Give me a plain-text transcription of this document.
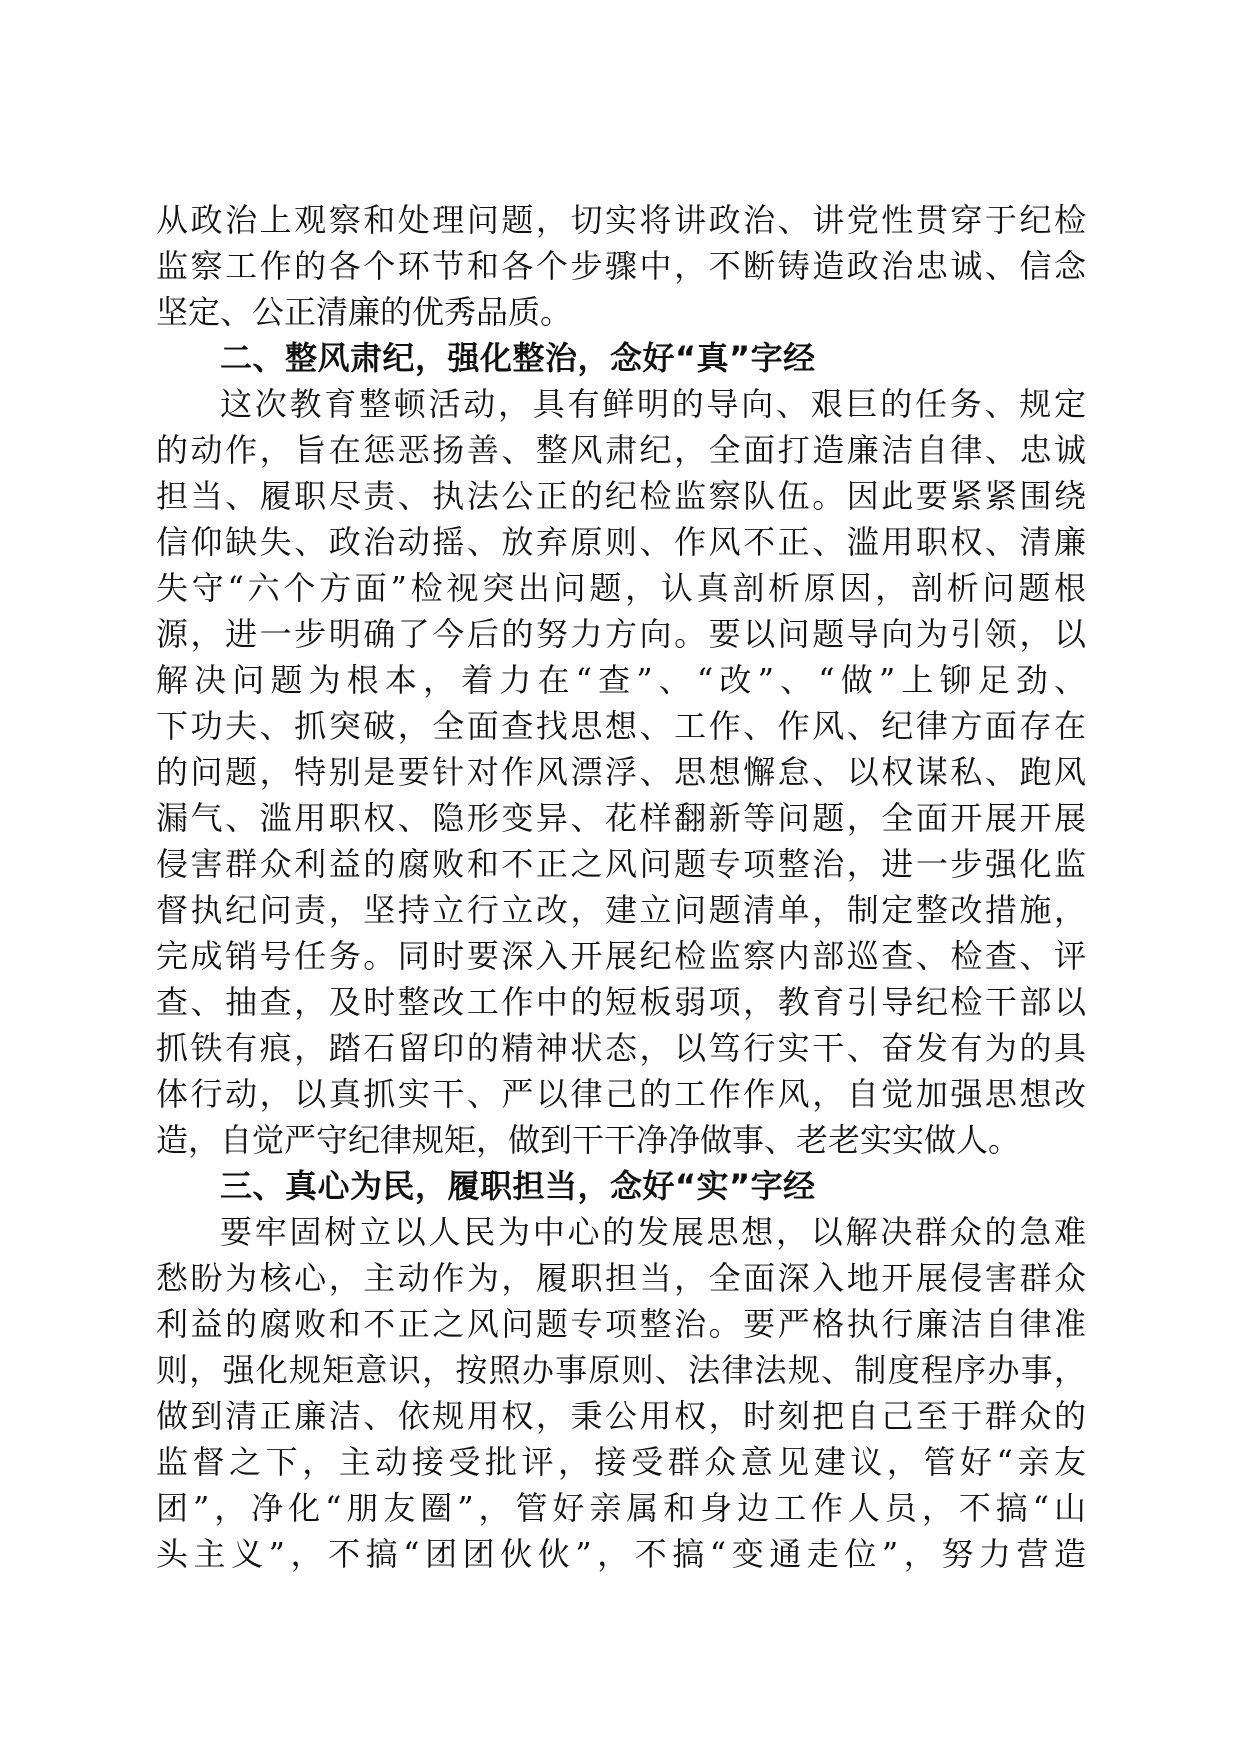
从政治上观察和处理问题，切实将讲政治、讲党性贯穿于纪检
监察工作的各个环节和各个步骤中，不断铸造政治忠诚、信念
坚定、公正清廉的优秀品质。
二、整风肃纪，强化整治，念好“真”字经
这次教育整顿活动，具有鲜明的导向、艰巨的任务、规定
的动作，旨在惩恶扬善、整风肃纪，全面打造廉洁自律、忠诚
担当、履职尽责、执法公正的纪检监察队伍。因此要紧紧围绕
信仰缺失、政治动摇、放弃原则、作风不正、滥用职权、清廉
失守“六个方面”检视突出问题，认真剖析原因，剖析问题根
源，进一步明确了今后的努力方向。要以问题导向为引领，以
解决问题为根本，着力在“查”、“改”、“做”上铆足劲、
下功夫、抓突破，全面查找思想、工作、作风、纪律方面存在
的问题，特别是要针对作风漂浮、思想懈怠、以权谋私、跑风
漏气、滥用职权、隐形变异、花样翻新等问题，全面开展开展
侵害群众利益的腐败和不正之风问题专项整治，进一步强化监
督执纪问责，坚持立行立改，建立问题清单，制定整改措施，
完成销号任务。同时要深入开展纪检监察内部巡查、检查、评
查、抽查，及时整改工作中的短板弱项，教育引导纪检干部以
抓铁有痕，踏石留印的精神状态，以笃行实干、奋发有为的具
体行动，以真抓实干、严以律己的工作作风，自觉加强思想改
造，自觉严守纪律规矩，做到干干净净做事、老老实实做人。
三、真心为民，履职担当，念好“实”字经
要牢固树立以人民为中心的发展思想，以解决群众的急难
愁盼为核心，主动作为，履职担当，全面深入地开展侵害群众
利益的腐败和不正之风问题专项整治。要严格执行廉洁自律准
则，强化规矩意识，按照办事原则、法律法规、制度程序办事，
做到清正廉洁、依规用权，秉公用权，时刻把自己至于群众的
监督之下，主动接受批评，接受群众意见建议，管好“亲友
团”，净化“朋友圈”，管好亲属和身边工作人员，不搞“山
头主义”，不搞“团团伙伙”，不搞“变通走位”，努力营造
